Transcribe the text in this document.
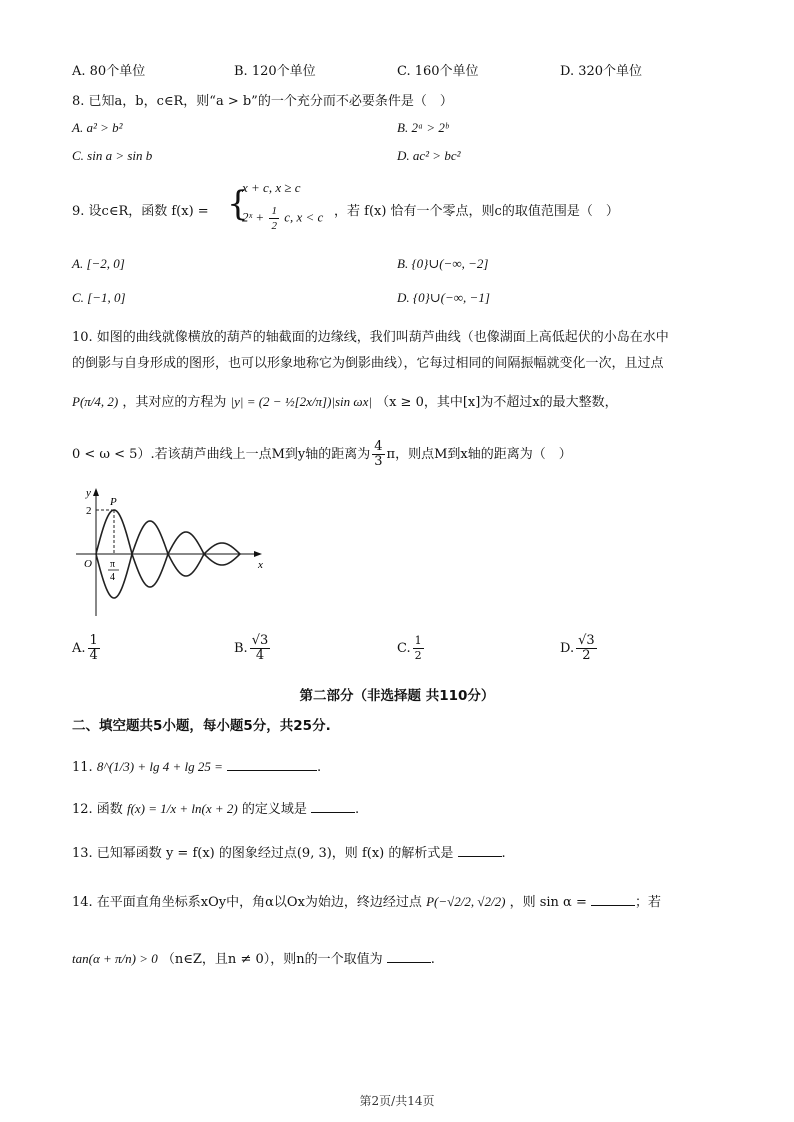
A. 80个单位	B. 120个单位	C. 160个单位	D. 320个单位
8. 已知a，b，c∈R，则“a > b”的一个充分而不必要条件是（　）
A. a² > b²	B. 2ᵃ > 2ᵇ
C. sin a > sin b	D. ac² > bc²
9. 设c∈R，函数 f(x) = {
x + c, x ≥ c
2ˣ + $\frac{1}{2} c$, x < c ，若 f(x) 恰有一个零点，则c的取值范围是（　）
A. [−2, 0]	B. {0}∪(−∞, −2]
C. [−1, 0]	D. {0}∪(−∞, −1]
10. 如图的曲线就像横放的葫芦的轴截面的边缘线，我们叫葫芦曲线（也像湖面上高低起伏的小岛在水中
的倒影与自身形成的图形，也可以形象地称它为倒影曲线），它每过相同的间隔振幅就变化一次，且过点
P(π/4, 2) ，其对应的方程为 |y| = (2 − ½[2x/π])|sin ωx| （x ≥ 0，其中[x]为不超过x的最大整数，
0 < ω < 5）.若该葫芦曲线上一点M到y轴的距离为 $\frac{4}{3}$ π，则点M到x轴的距离为（　）
y
x
P
2
O π
4
A. $\frac{1}{4}$	B. $\frac{√3}{4}$	C. $\frac{1}{2}$	D. $\frac{√3}{2}$
第二部分（非选择题 共110分）
二、填空题共5小题，每小题5分，共25分.
11. 8^(1/3) + lg 4 + lg 25 =	.
12. 函数 f(x) = 1/x + ln(x + 2) 的定义域是	.
13. 已知幂函数 y = f(x) 的图象经过点(9, 3)，则 f(x) 的解析式是	.
14. 在平面直角坐标系xOy中，角α以Ox为始边，终边经过点 P(−√2/2, √2/2) ，则 sin α =	；若
tan(α + π/n) > 0 （n∈Z，且n ≠ 0），则n的一个取值为	.
第2页/共14页
